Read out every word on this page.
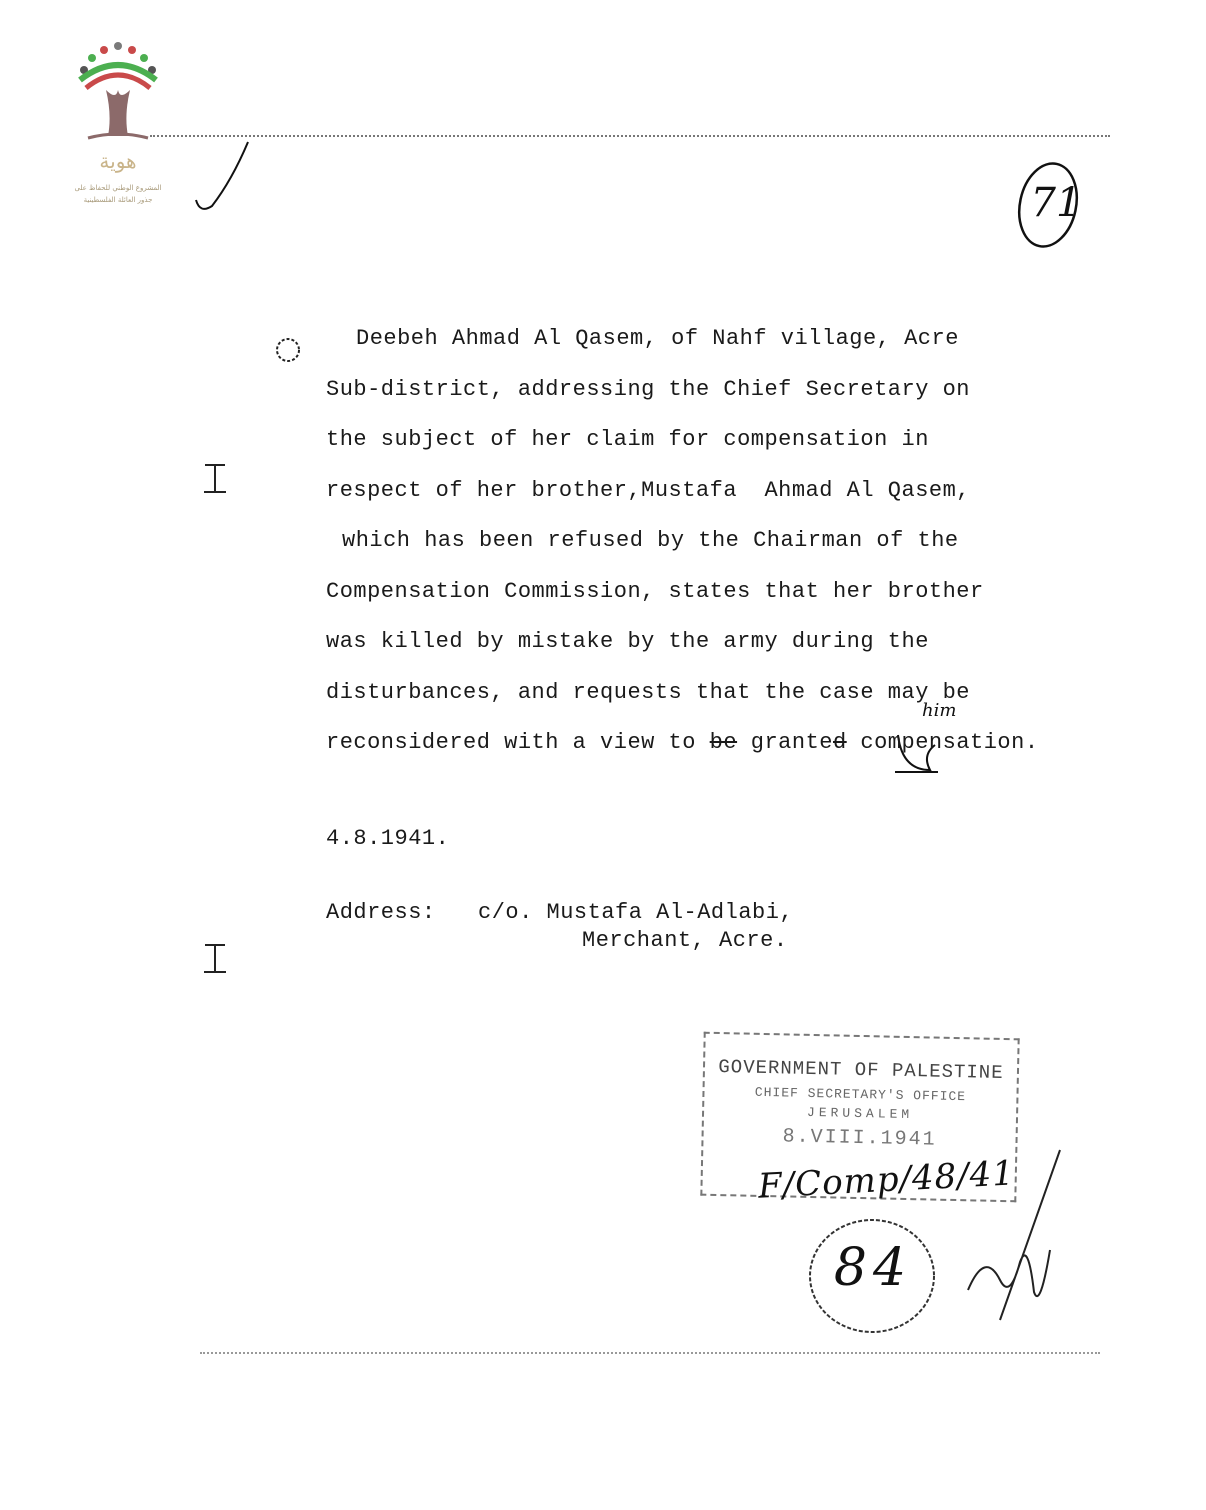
هوية
المشروع الوطني للحفاظ على
جذور العائلة الفلسطينية	71
Deebeh Ahmad Al Qasem, of Nahf village, Acre
Sub-district, addressing the Chief Secretary on
the subject of her claim for compensation in
respect of her brother,Mustafa  Ahmad Al Qasem,
which has been refused by the Chairman of the
Compensation Commission, states that her brother
was killed by mistake by the army during the
disturbances, and requests that the case may be
reconsidered with a view to be granted compensation.
him
4.8.1941.
Address: c/o. Mustafa Al-Adlabi,
Merchant, Acre.
GOVERNMENT OF PALESTINE
CHIEF SECRETARY'S OFFICE
JERUSALEM
8.VIII.1941
F/Comp/48/41
84
